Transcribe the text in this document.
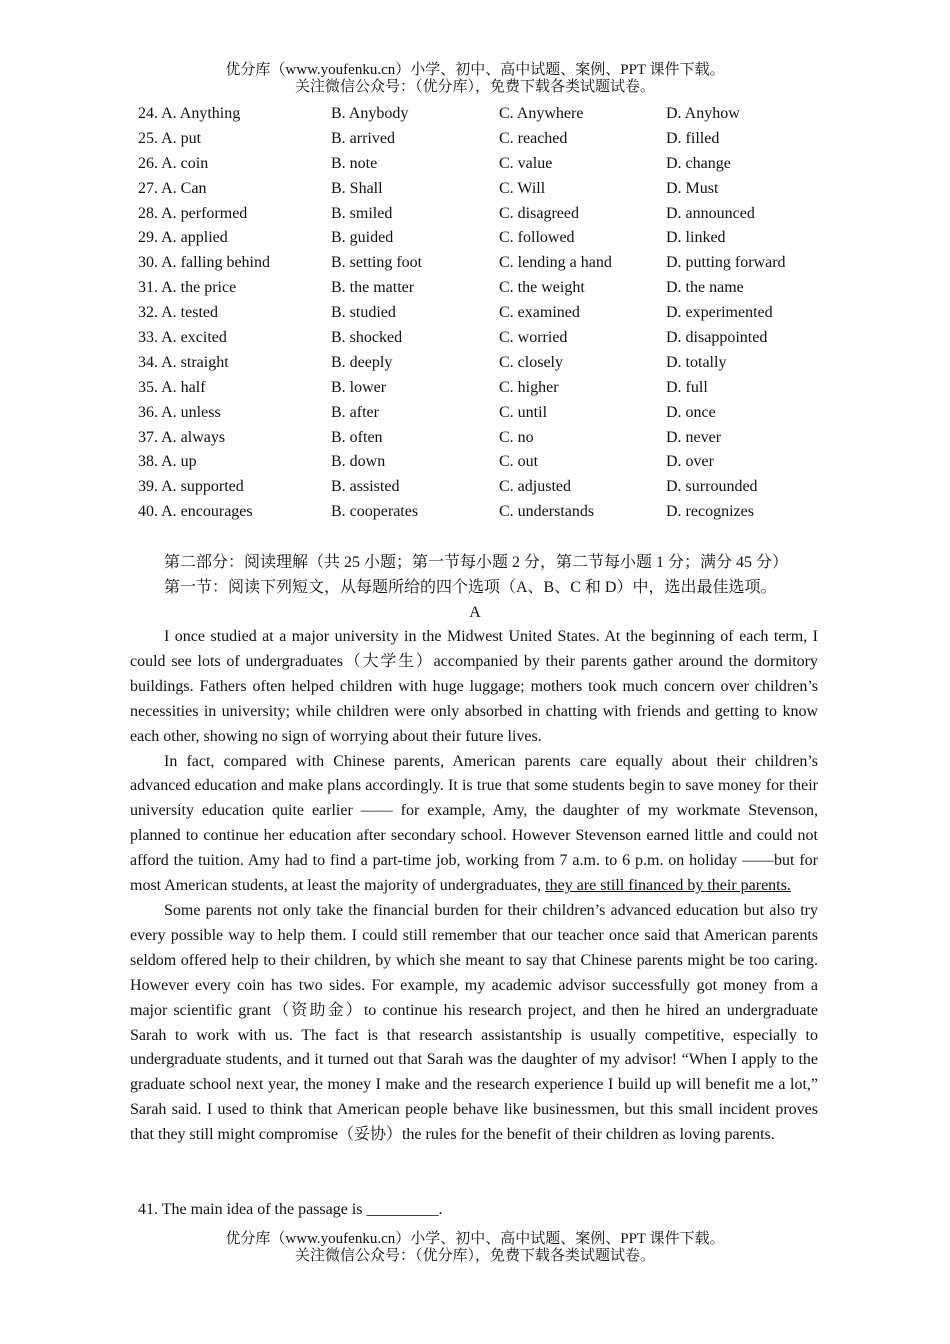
优分库（www.youfenku.cn）小学、初中、高中试题、案例、PPT 课件下载。
关注微信公众号：（优分库），免费下载各类试题试卷。
24. A. Anything	B. Anybody	C. Anywhere	D. Anyhow
25. A. put	B. arrived	C. reached	D. filled
26. A. coin	B. note	C. value	D. change
27. A. Can	B. Shall	C. Will	D. Must
28. A. performed	B. smiled	C. disagreed	D. announced
29. A. applied	B. guided	C. followed	D. linked
30. A. falling behind	B. setting foot	C. lending a hand	D. putting forward
31. A. the price	B. the matter	C. the weight	D. the name
32. A. tested	B. studied	C. examined	D. experimented
33. A. excited	B. shocked	C. worried	D. disappointed
34. A. straight	B. deeply	C. closely	D. totally
35. A. half	B. lower	C. higher	D. full
36. A. unless	B. after	C. until	D. once
37. A. always	B. often	C. no	D. never
38. A. up	B. down	C. out	D. over
39. A. supported	B. assisted	C. adjusted	D. surrounded
40. A. encourages	B. cooperates	C. understands	D. recognizes
第二部分：阅读理解（共 25 小题；第一节每小题 2 分，第二节每小题 1 分；满分 45 分）
第一节：阅读下列短文，从每题所给的四个选项（A、B、C 和 D）中，选出最佳选项。
A

I once studied at a major university in the Midwest United States. At the beginning of each term, I could see lots of undergraduates（大学生）accompanied by their parents gather around the dormitory buildings. Fathers often helped children with huge luggage; mothers took much concern over children’s necessities in university; while children were only absorbed in chatting with friends and getting to know each other, showing no sign of worrying about their future lives.

In fact, compared with Chinese parents, American parents care equally about their children’s advanced education and make plans accordingly. It is true that some students begin to save money for their university education quite earlier —— for example, Amy, the daughter of my workmate Stevenson, planned to continue her education after secondary school. However Stevenson earned little and could not afford the tuition. Amy had to find a part-time job, working from 7 a.m. to 6 p.m. on holiday ——but for most American students, at least the majority of undergraduates, they are still financed by their parents.

Some parents not only take the financial burden for their children’s advanced education but also try every possible way to help them. I could still remember that our teacher once said that American parents seldom offered help to their children, by which she meant to say that Chinese parents might be too caring. However every coin has two sides. For example, my academic advisor successfully got money from a major scientific grant（资助金）to continue his research project, and then he hired an undergraduate Sarah to work with us. The fact is that research assistantship is usually competitive, especially to undergraduate students, and it turned out that Sarah was the daughter of my advisor! “When I apply to the graduate school next year, the money I make and the research experience I build up will benefit me a lot,” Sarah said. I used to think that American people behave like businessmen, but this small incident proves that they still might compromise（妥协）the rules for the benefit of their children as loving parents.

41. The main idea of the passage is _________.
优分库（www.youfenku.cn）小学、初中、高中试题、案例、PPT 课件下载。
关注微信公众号：（优分库），免费下载各类试题试卷。
